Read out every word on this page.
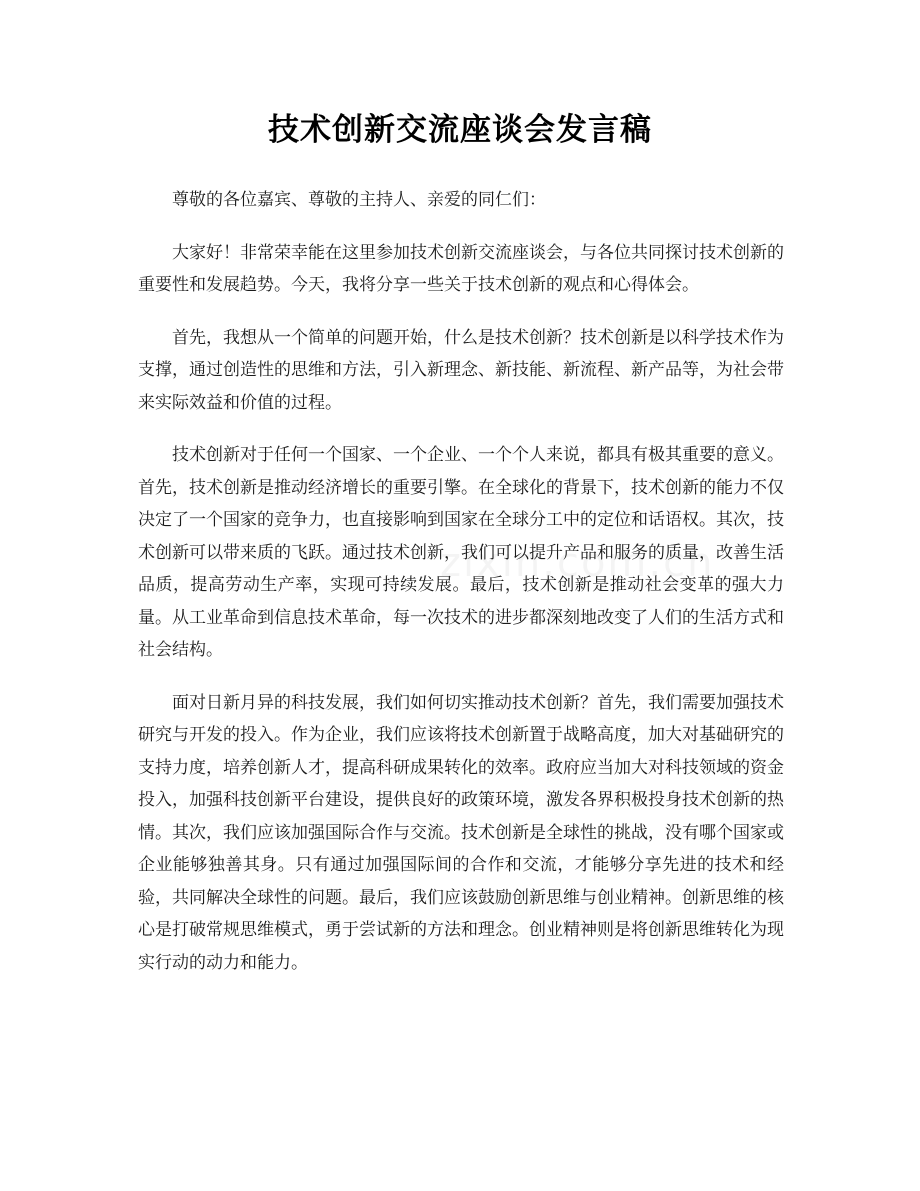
技术创新交流座谈会发言稿

尊敬的各位嘉宾、尊敬的主持人、亲爱的同仁们：

大家好！非常荣幸能在这里参加技术创新交流座谈会，与各位共同探讨技术创新的重要性和发展趋势。今天，我将分享一些关于技术创新的观点和心得体会。

首先，我想从一个简单的问题开始，什么是技术创新？技术创新是以科学技术作为支撑，通过创造性的思维和方法，引入新理念、新技能、新流程、新产品等，为社会带来实际效益和价值的过程。

技术创新对于任何一个国家、一个企业、一个个人来说，都具有极其重要的意义。首先，技术创新是推动经济增长的重要引擎。在全球化的背景下，技术创新的能力不仅决定了一个国家的竞争力，也直接影响到国家在全球分工中的定位和话语权。其次，技术创新可以带来质的飞跃。通过技术创新，我们可以提升产品和服务的质量，改善生活品质，提高劳动生产率，实现可持续发展。最后，技术创新是推动社会变革的强大力量。从工业革命到信息技术革命，每一次技术的进步都深刻地改变了人们的生活方式和社会结构。

面对日新月异的科技发展，我们如何切实推动技术创新？首先，我们需要加强技术研究与开发的投入。作为企业，我们应该将技术创新置于战略高度，加大对基础研究的支持力度，培养创新人才，提高科研成果转化的效率。政府应当加大对科技领域的资金投入，加强科技创新平台建设，提供良好的政策环境，激发各界积极投身技术创新的热情。其次，我们应该加强国际合作与交流。技术创新是全球性的挑战，没有哪个国家或企业能够独善其身。只有通过加强国际间的合作和交流，才能够分享先进的技术和经验，共同解决全球性的问题。最后，我们应该鼓励创新思维与创业精神。创新思维的核心是打破常规思维模式，勇于尝试新的方法和理念。创业精神则是将创新思维转化为现实行动的动力和能力。
